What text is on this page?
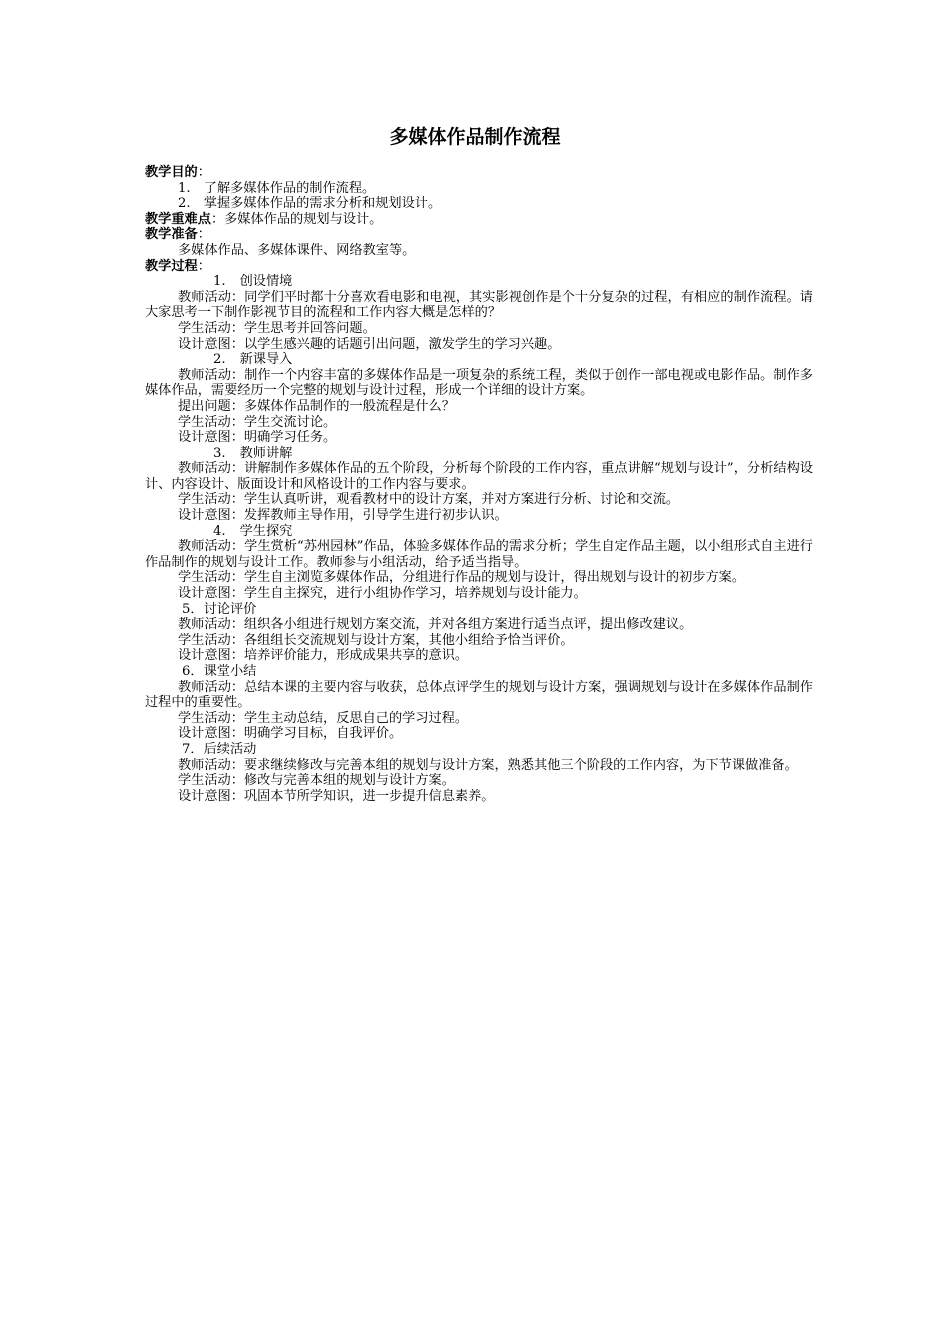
多媒体作品制作流程

教学目的：

1.　了解多媒体作品的制作流程。

2.　掌握多媒体作品的需求分析和规划设计。

教学重难点：多媒体作品的规划与设计。

教学准备：

多媒体作品、多媒体课件、网络教室等。

教学过程：

1. 创设情境

教师活动：同学们平时都十分喜欢看电影和电视，其实影视创作是个十分复杂的过程，有相应的制作流程。请大家思考一下制作影视节目的流程和工作内容大概是怎样的？

学生活动：学生思考并回答问题。

设计意图：以学生感兴趣的话题引出问题，激发学生的学习兴趣。

2. 新课导入

教师活动：制作一个内容丰富的多媒体作品是一项复杂的系统工程，类似于创作一部电视或电影作品。制作多媒体作品，需要经历一个完整的规划与设计过程，形成一个详细的设计方案。

提出问题：多媒体作品制作的一般流程是什么？

学生活动：学生交流讨论。

设计意图：明确学习任务。

3. 教师讲解

教师活动：讲解制作多媒体作品的五个阶段，分析每个阶段的工作内容，重点讲解“规划与设计”，分析结构设计、内容设计、版面设计和风格设计的工作内容与要求。

学生活动：学生认真听讲，观看教材中的设计方案，并对方案进行分析、讨论和交流。

设计意图：发挥教师主导作用，引导学生进行初步认识。

4. 学生探究

教师活动：学生赏析“苏州园林”作品，体验多媒体作品的需求分析；学生自定作品主题，以小组形式自主进行作品制作的规划与设计工作。教师参与小组活动，给予适当指导。

学生活动：学生自主浏览多媒体作品，分组进行作品的规划与设计，得出规划与设计的初步方案。

设计意图：学生自主探究，进行小组协作学习，培养规划与设计能力。

5．讨论评价

教师活动：组织各小组进行规划方案交流，并对各组方案进行适当点评，提出修改建议。

学生活动：各组组长交流规划与设计方案，其他小组给予恰当评价。

设计意图：培养评价能力，形成成果共享的意识。

6．课堂小结

教师活动：总结本课的主要内容与收获，总体点评学生的规划与设计方案，强调规划与设计在多媒体作品制作过程中的重要性。

学生活动：学生主动总结，反思自己的学习过程。

设计意图：明确学习目标，自我评价。

7．后续活动

教师活动：要求继续修改与完善本组的规划与设计方案，熟悉其他三个阶段的工作内容，为下节课做准备。

学生活动：修改与完善本组的规划与设计方案。

设计意图：巩固本节所学知识，进一步提升信息素养。
